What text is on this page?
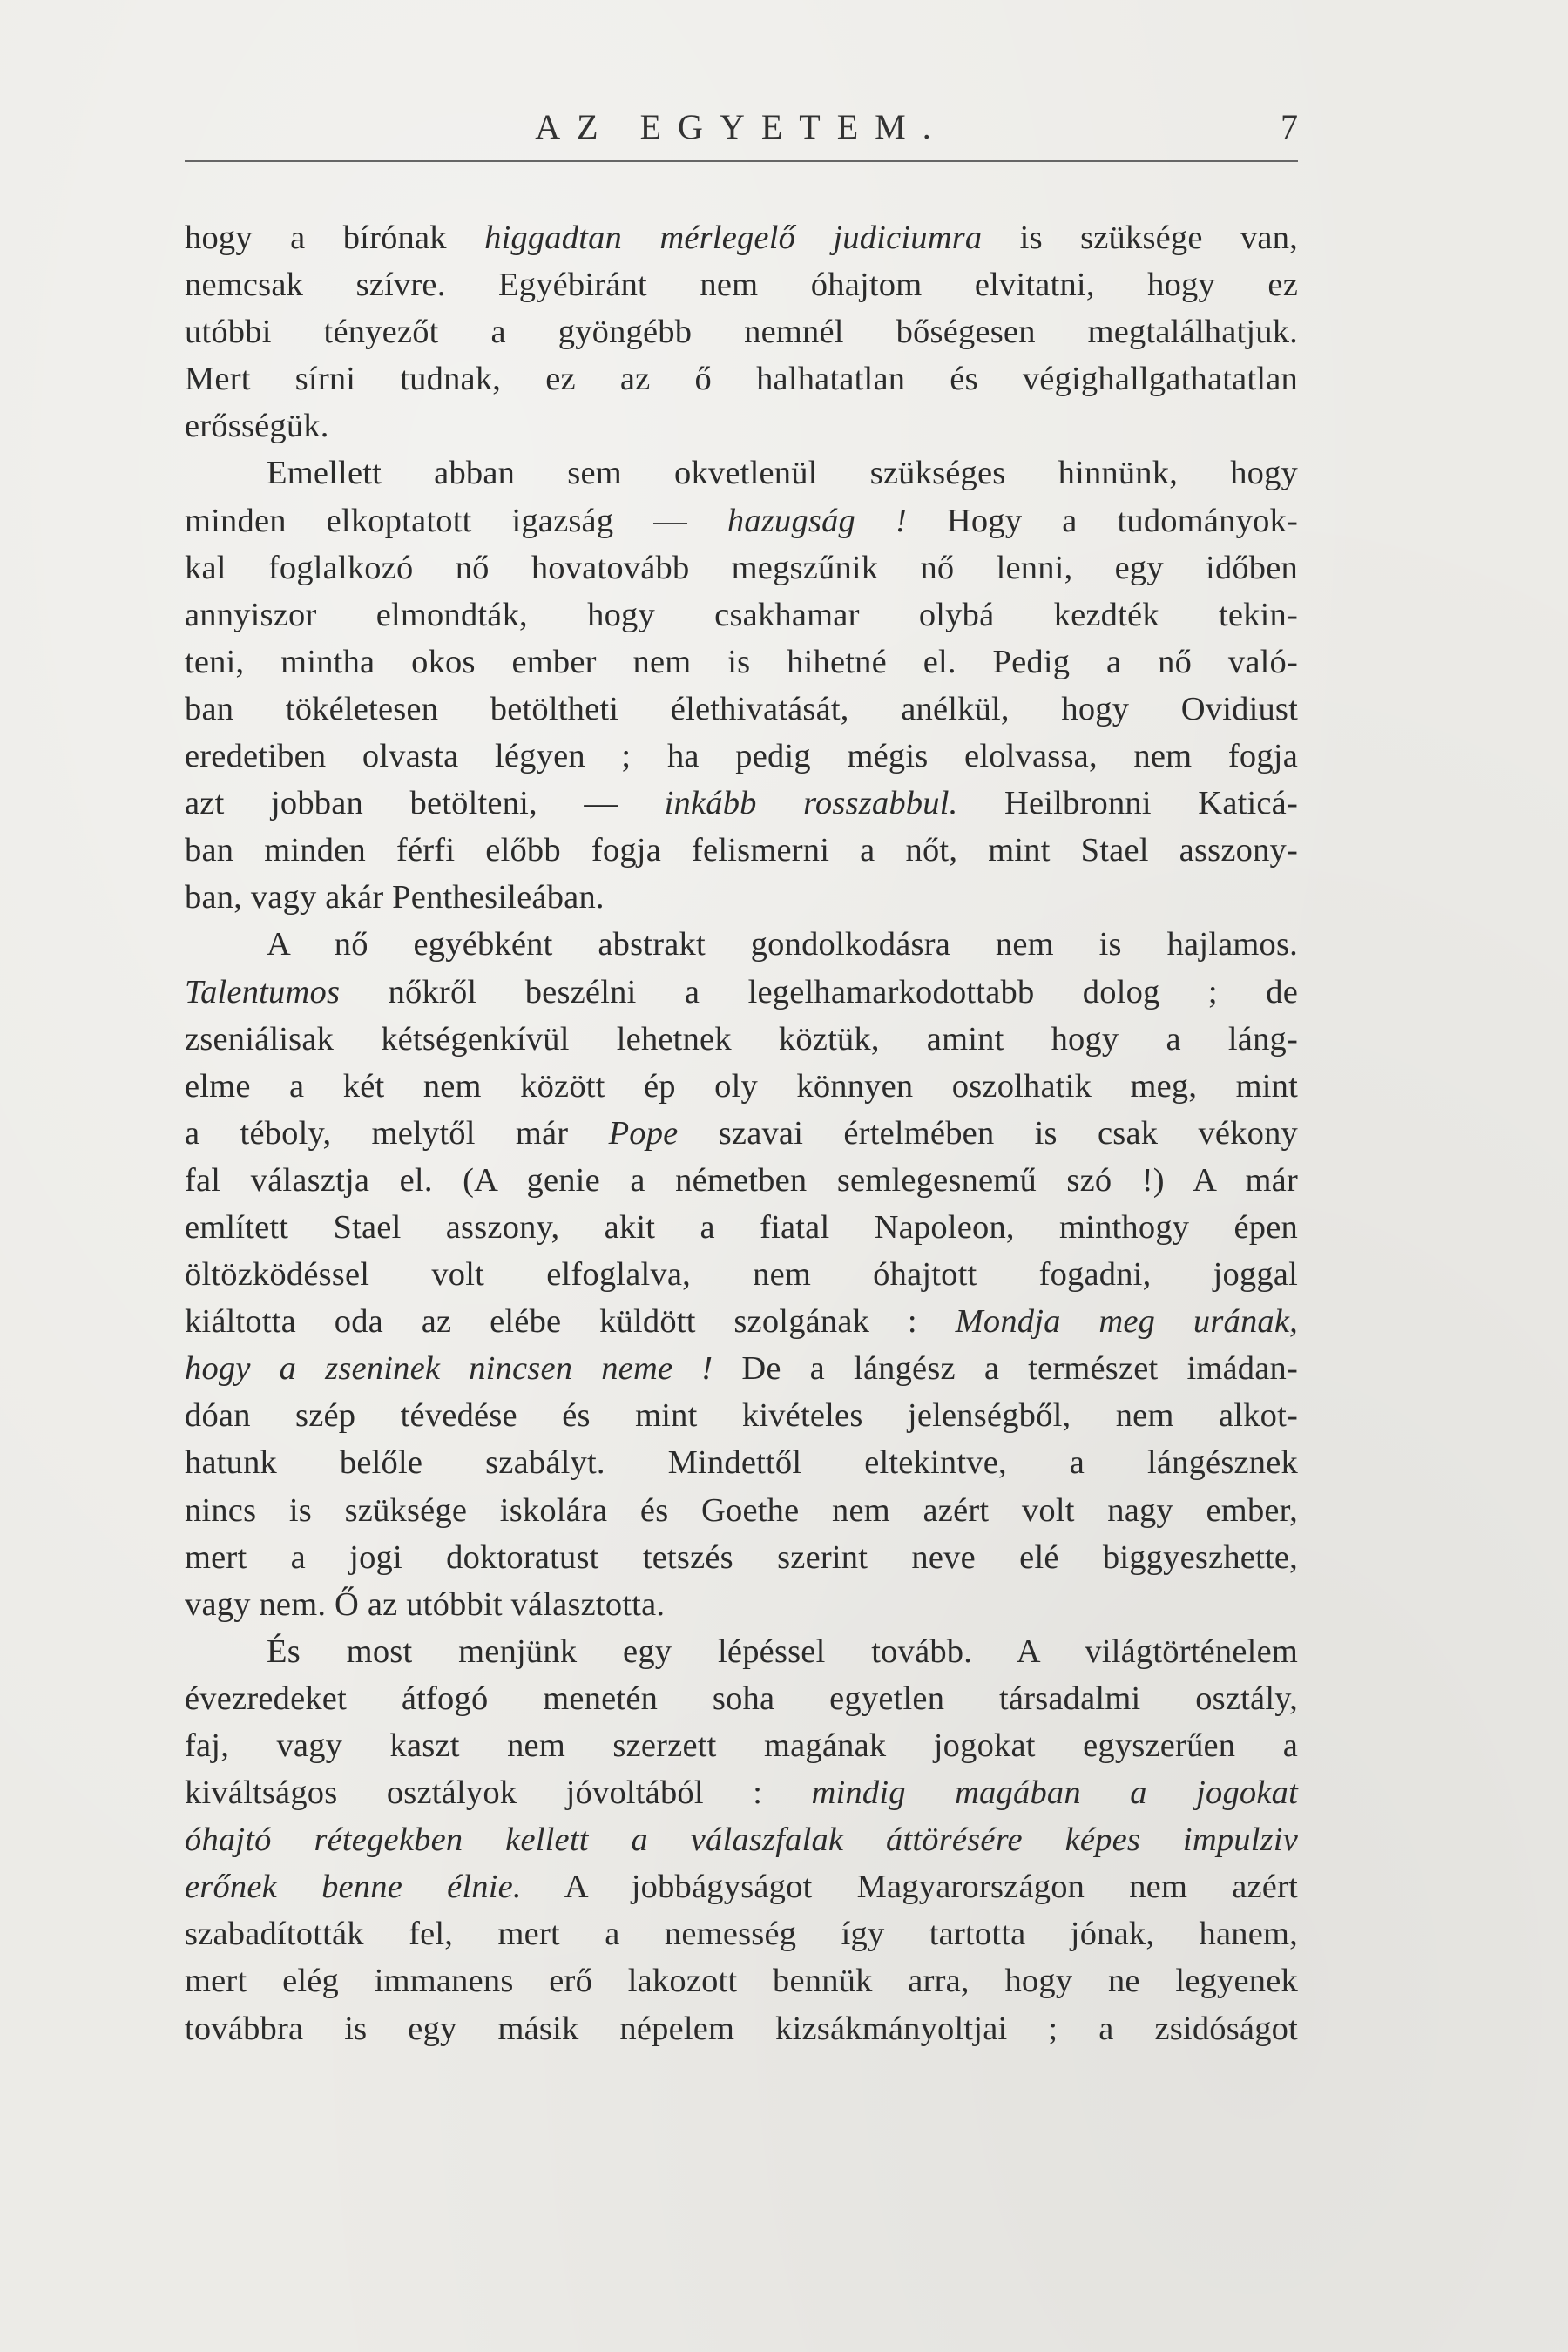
AZ EGYETEM.	7
hogy a bírónak higgadtan mérlegelő judiciumra is szüksége van,
nemcsak szívre. Egyébiránt nem óhajtom elvitatni, hogy ez
utóbbi tényezőt a gyöngébb nemnél bőségesen megtalálhatjuk.
Mert sírni tudnak, ez az ő halhatatlan és végighallgathatatlan
erősségük.
Emellett abban sem okvetlenül szükséges hinnünk, hogy
minden elkoptatott igazság — hazugság ! Hogy a tudományok-
kal foglalkozó nő hovatovább megszűnik nő lenni, egy időben
annyiszor elmondták, hogy csakhamar olybá kezdték tekin-
teni, mintha okos ember nem is hihetné el. Pedig a nő való-
ban tökéletesen betöltheti élethivatását, anélkül, hogy Ovidiust
eredetiben olvasta légyen ; ha pedig mégis elolvassa, nem fogja
azt jobban betölteni, — inkább rosszabbul. Heilbronni Katicá-
ban minden férfi előbb fogja felismerni a nőt, mint Stael asszony-
ban, vagy akár Penthesileában.
A nő egyébként abstrakt gondolkodásra nem is hajlamos.
Talentumos nőkről beszélni a legelhamarkodottabb dolog ; de
zseniálisak kétségenkívül lehetnek köztük, amint hogy a láng-
elme a két nem között ép oly könnyen oszolhatik meg, mint
a téboly, melytől már Pope szavai értelmében is csak vékony
fal választja el. (A genie a németben semlegesnemű szó !) A már
említett Stael asszony, akit a fiatal Napoleon, minthogy épen
öltözködéssel volt elfoglalva, nem óhajtott fogadni, joggal
kiáltotta oda az elébe küldött szolgának : Mondja meg urának,
hogy a zseninek nincsen neme ! De a lángész a természet imádan-
dóan szép tévedése és mint kivételes jelenségből, nem alkot-
hatunk belőle szabályt. Mindettől eltekintve, a lángésznek
nincs is szüksége iskolára és Goethe nem azért volt nagy ember,
mert a jogi doktoratust tetszés szerint neve elé biggyeszhette,
vagy nem. Ő az utóbbit választotta.
És most menjünk egy lépéssel tovább. A világtörténelem
évezredeket átfogó menetén soha egyetlen társadalmi osztály,
faj, vagy kaszt nem szerzett magának jogokat egyszerűen a
kiváltságos osztályok jóvoltából : mindig magában a jogokat
óhajtó rétegekben kellett a válaszfalak áttörésére képes impulziv
erőnek benne élnie. A jobbágyságot Magyarországon nem azért
szabadították fel, mert a nemesség így tartotta jónak, hanem,
mert elég immanens erő lakozott bennük arra, hogy ne legyenek
továbbra is egy másik népelem kizsákmányoltjai ; a zsidóságot
